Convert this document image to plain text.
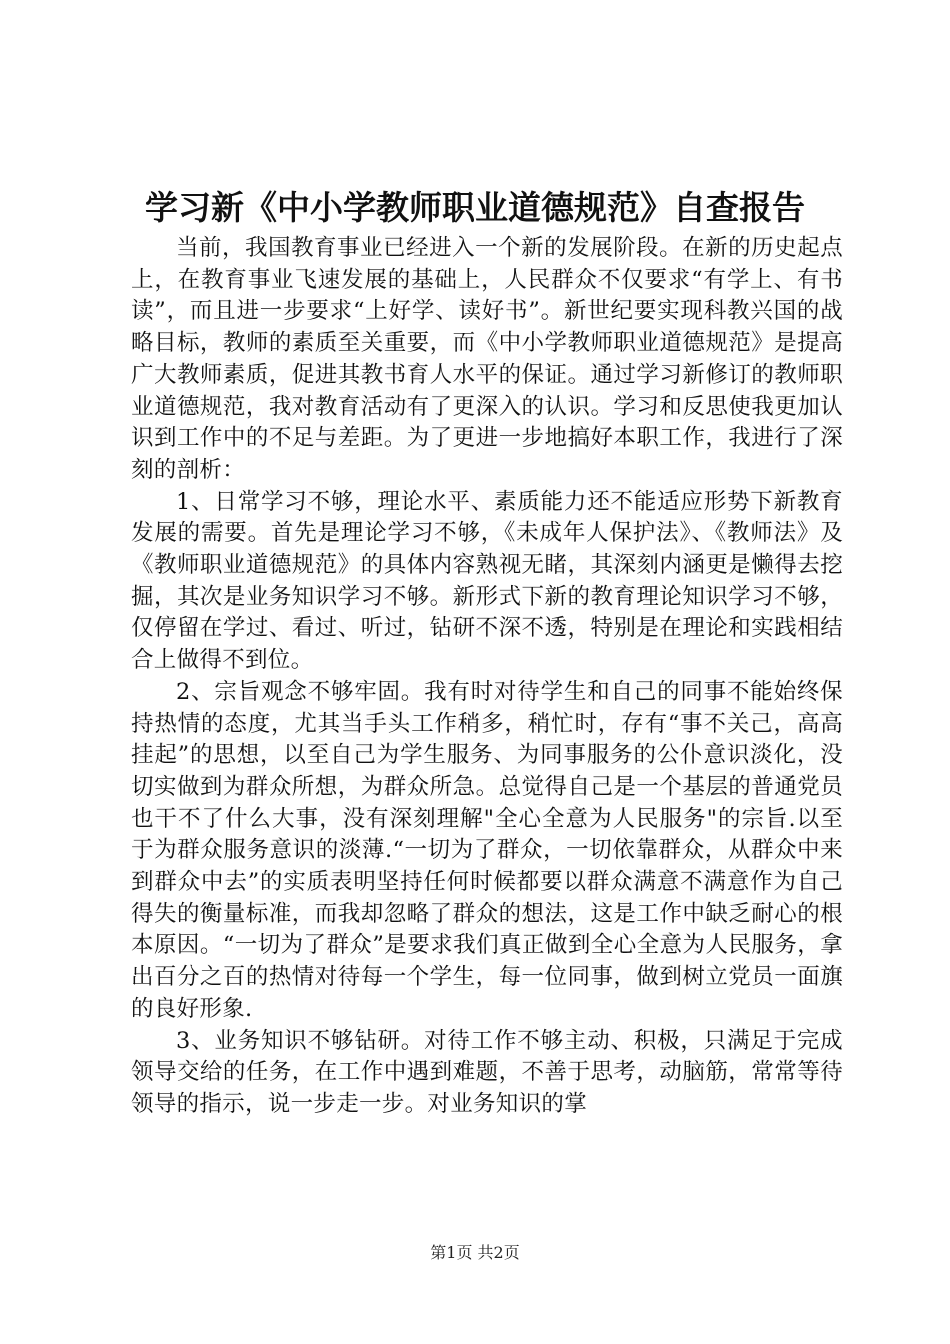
学习新《中小学教师职业道德规范》自查报告

当前，我国教育事业已经进入一个新的发展阶段。在新的历史起点上，在教育事业飞速发展的基础上，人民群众不仅要求“有学上、有书读”，而且进一步要求“上好学、读好书”。新世纪要实现科教兴国的战略目标，教师的素质至关重要，而《中小学教师职业道德规范》是提高广大教师素质，促进其教书育人水平的保证。通过学习新修订的教师职业道德规范，我对教育活动有了更深入的认识。学习和反思使我更加认识到工作中的不足与差距。为了更进一步地搞好本职工作，我进行了深刻的剖析：

1、日常学习不够，理论水平、素质能力还不能适应形势下新教育发展的需要。首先是理论学习不够，《未成年人保护法》、《教师法》及《教师职业道德规范》的具体内容熟视无睹，其深刻内涵更是懒得去挖掘，其次是业务知识学习不够。新形式下新的教育理论知识学习不够，仅停留在学过、看过、听过，钻研不深不透，特别是在理论和实践相结合上做得不到位。

2、宗旨观念不够牢固。我有时对待学生和自己的同事不能始终保持热情的态度，尤其当手头工作稍多，稍忙时，存有“事不关己，高高挂起”的思想，以至自己为学生服务、为同事服务的公仆意识淡化，没切实做到为群众所想，为群众所急。总觉得自己是一个基层的普通党员也干不了什么大事，没有深刻理解"全心全意为人民服务"的宗旨.以至于为群众服务意识的淡薄.“一切为了群众，一切依靠群众，从群众中来到群众中去”的实质表明坚持任何时候都要以群众满意不满意作为自己得失的衡量标准，而我却忽略了群众的想法，这是工作中缺乏耐心的根本原因。“一切为了群众”是要求我们真正做到全心全意为人民服务，拿出百分之百的热情对待每一个学生，每一位同事，做到树立党员一面旗的良好形象.

3、业务知识不够钻研。对待工作不够主动、积极，只满足于完成领导交给的任务，在工作中遇到难题，不善于思考，动脑筋，常常等待领导的指示，说一步走一步。对业务知识的掌

第1页 共2页
